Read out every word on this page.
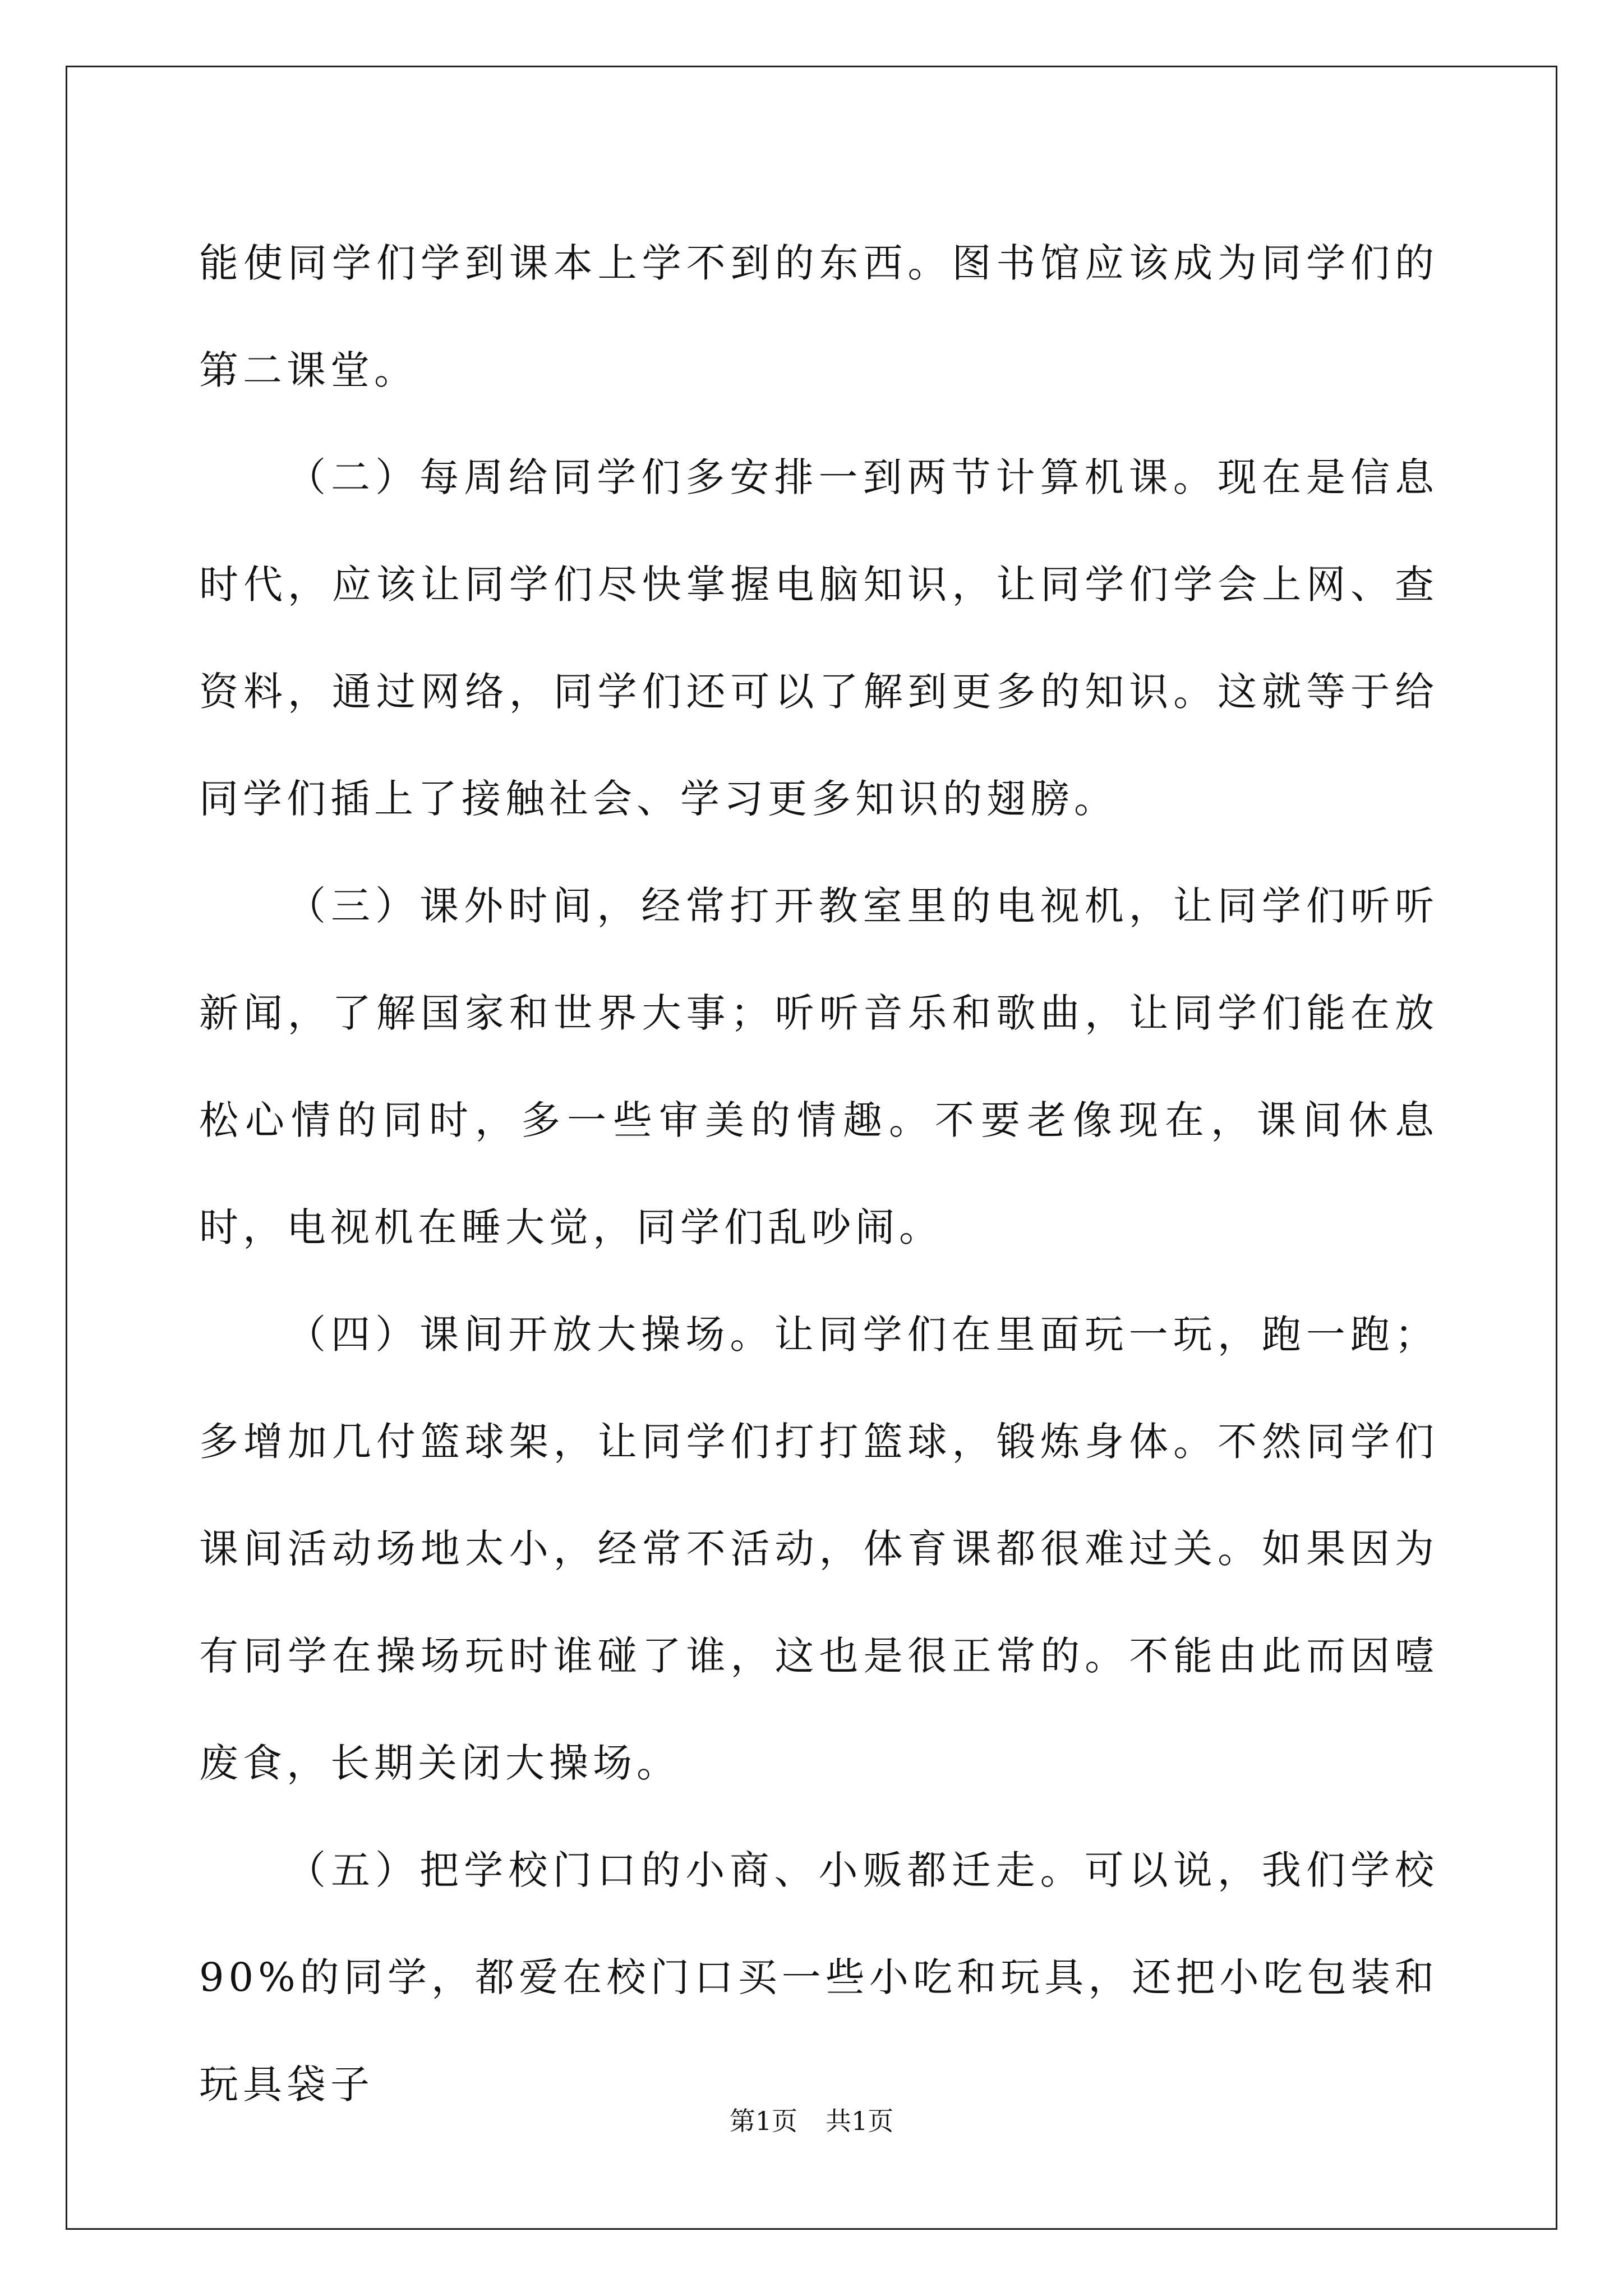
能使同学们学到课本上学不到的东西。图书馆应该成为同学们的第二课堂。

（二）每周给同学们多安排一到两节计算机课。现在是信息时代，应该让同学们尽快掌握电脑知识，让同学们学会上网、查资料，通过网络，同学们还可以了解到更多的知识。这就等于给同学们插上了接触社会、学习更多知识的翅膀。

（三）课外时间，经常打开教室里的电视机，让同学们听听新闻，了解国家和世界大事；听听音乐和歌曲，让同学们能在放松心情的同时，多一些审美的情趣。不要老像现在，课间休息时，电视机在睡大觉，同学们乱吵闹。

（四）课间开放大操场。让同学们在里面玩一玩，跑一跑；多增加几付篮球架，让同学们打打篮球，锻炼身体。不然同学们课间活动场地太小，经常不活动，体育课都很难过关。如果因为有同学在操场玩时谁碰了谁，这也是很正常的。不能由此而因噎废食，长期关闭大操场。

（五）把学校门口的小商、小贩都迁走。可以说，我们学校 90%的同学，都爱在校门口买一些小吃和玩具，还把小吃包装和玩具袋子

第1页 共1页
